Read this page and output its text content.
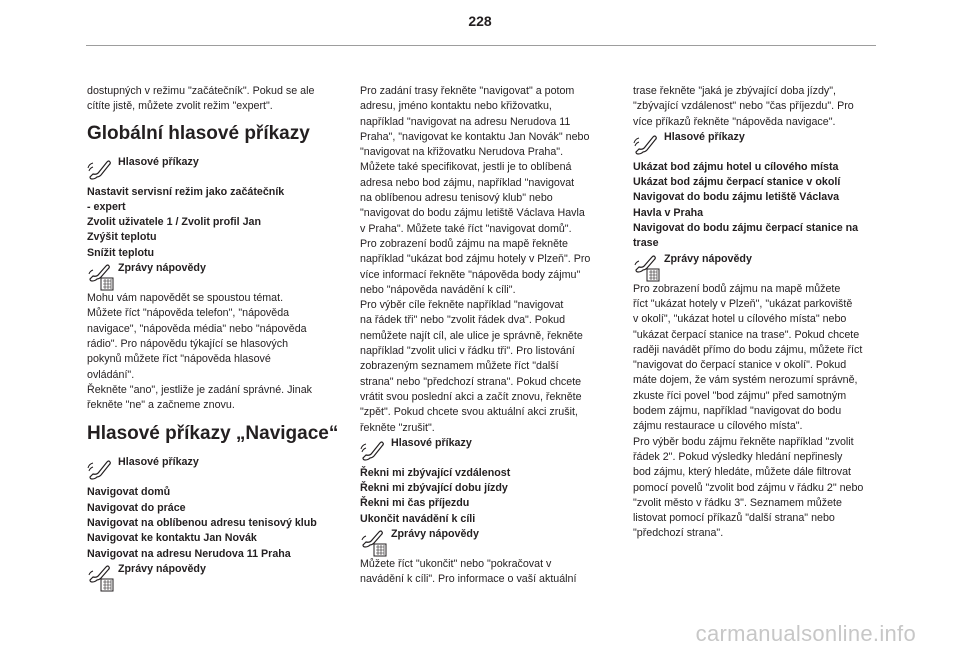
228

dostupných v režimu "začátečník". Pokud se ale
cítíte jistě, můžete zvolit režim "expert".

Globální hlasové příkazy
Hlasové příkazy

Nastavit servisní režim jako začátečník
- expert
Zvolit uživatele 1 / Zvolit profil Jan
Zvýšit teplotu
Snížit teplotu

Zprávy nápovědy

Mohu vám napovědět se spoustou témat.
Můžete říct "nápověda telefon", "nápověda
navigace", "nápověda média" nebo "nápověda
rádio". Pro nápovědu týkající se hlasových
pokynů můžete říct "nápověda hlasové
ovládání".
Řekněte "ano", jestliže je zadání správné. Jinak
řekněte "ne" a začneme znovu.

Hlasové příkazy „Navigace“
Hlasové příkazy

Navigovat domů
Navigovat do práce
Navigovat na oblíbenou adresu tenisový klub
Navigovat ke kontaktu Jan Novák
Navigovat na adresu Nerudova 11 Praha

Zprávy nápovědy

Pro zadání trasy řekněte "navigovat" a potom
adresu, jméno kontaktu nebo křižovatku,
například "navigovat na adresu Nerudova 11
Praha", "navigovat ke kontaktu Jan Novák" nebo
"navigovat na křižovatku Nerudova Praha".
Můžete také specifikovat, jestli je to oblíbená
adresa nebo bod zájmu, například "navigovat
na oblíbenou adresu tenisový klub" nebo
"navigovat do bodu zájmu letiště Václava Havla
v Praha". Můžete také říct "navigovat domů".
Pro zobrazení bodů zájmu na mapě řekněte
například "ukázat bod zájmu hotely v Plzeň". Pro
více informací řekněte "nápověda body zájmu"
nebo "nápověda navádění k cíli".
Pro výběr cíle řekněte například "navigovat
na řádek tři" nebo "zvolit řádek dva". Pokud
nemůžete najít cíl, ale ulice je správně, řekněte
například "zvolit ulici v řádku tři". Pro listování
zobrazeným seznamem můžete říct "další
strana" nebo "předchozí strana". Pokud chcete
vrátit svou poslední akci a začít znovu, řekněte
"zpět". Pokud chcete svou aktuální akci zrušit,
řekněte "zrušit".

Hlasové příkazy

Řekni mi zbývající vzdálenost
Řekni mi zbývající dobu jízdy
Řekni mi čas příjezdu
Ukončit navádění k cíli

Zprávy nápovědy

Můžete říct "ukončit" nebo "pokračovat v
navádění k cíli". Pro informace o vaší aktuální

trase řekněte "jaká je zbývající doba jízdy",
"zbývající vzdálenost" nebo "čas příjezdu". Pro
více příkazů řekněte "nápověda navigace".

Hlasové příkazy

Ukázat bod zájmu hotel u cílového místa
Ukázat bod zájmu čerpací stanice v okolí
Navigovat do bodu zájmu letiště Václava
Havla v Praha
Navigovat do bodu zájmu čerpací stanice na
trase

Zprávy nápovědy

Pro zobrazení bodů zájmu na mapě můžete
říct "ukázat hotely v Plzeň", "ukázat parkoviště
v okolí", "ukázat hotel u cílového místa" nebo
"ukázat čerpací stanice na trase". Pokud chcete
raději navádět přímo do bodu zájmu, můžete říct
"navigovat do čerpací stanice v okolí". Pokud
máte dojem, že vám systém nerozumí správně,
zkuste říci povel "bod zájmu" před samotným
bodem zájmu, například "navigovat do bodu
zájmu restaurace u cílového místa".
Pro výběr bodu zájmu řekněte například "zvolit
řádek 2". Pokud výsledky hledání nepřinesly
bod zájmu, který hledáte, můžete dále filtrovat
pomocí povelů "zvolit bod zájmu v řádku 2" nebo
"zvolit město v řádku 3". Seznamem můžete
listovat pomocí příkazů "další strana" nebo
"předchozí strana".

carmanualsonline.info
